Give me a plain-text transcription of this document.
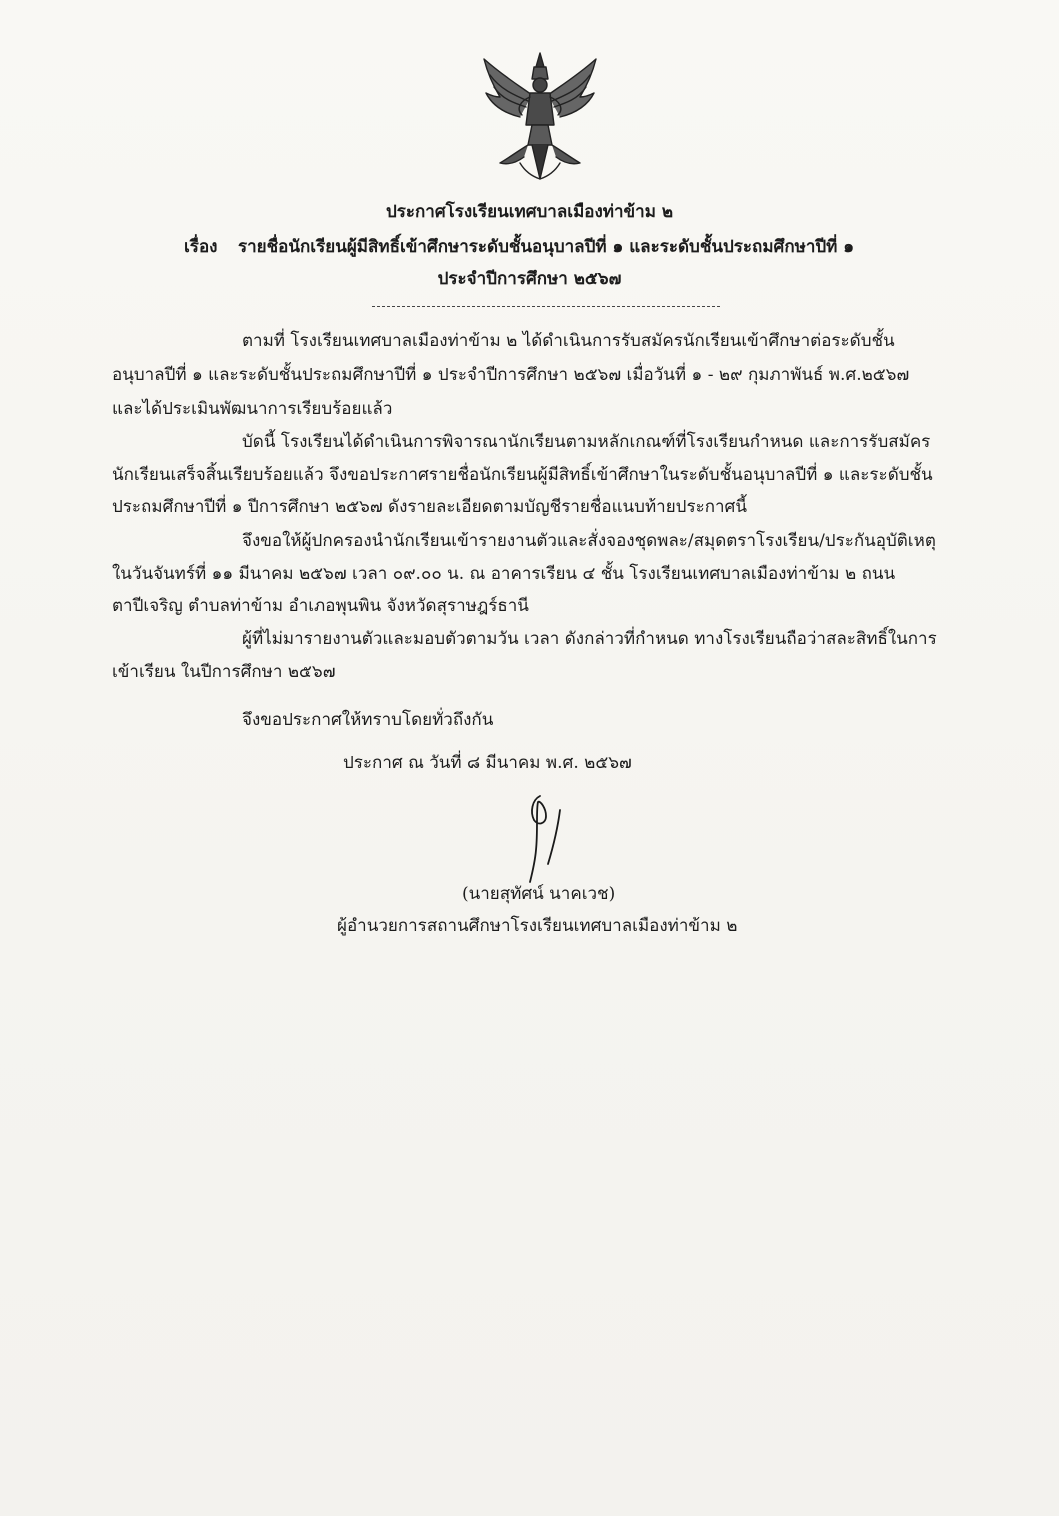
ประกาศโรงเรียนเทศบาลเมืองท่าข้าม ๒
เรื่อง รายชื่อนักเรียนผู้มีสิทธิ์เข้าศึกษาระดับชั้นอนุบาลปีที่ ๑ และระดับชั้นประถมศึกษาปีที่ ๑
ประจำปีการศึกษา ๒๕๖๗
ตามที่ โรงเรียนเทศบาลเมืองท่าข้าม ๒ ได้ดำเนินการรับสมัครนักเรียนเข้าศึกษาต่อระดับชั้น
อนุบาลปีที่ ๑ และระดับชั้นประถมศึกษาปีที่ ๑ ประจำปีการศึกษา ๒๕๖๗ เมื่อวันที่ ๑ - ๒๙ กุมภาพันธ์ พ.ศ.๒๕๖๗
และได้ประเมินพัฒนาการเรียบร้อยแล้ว
บัดนี้ โรงเรียนได้ดำเนินการพิจารณานักเรียนตามหลักเกณฑ์ที่โรงเรียนกำหนด และการรับสมัคร
นักเรียนเสร็จสิ้นเรียบร้อยแล้ว จึงขอประกาศรายชื่อนักเรียนผู้มีสิทธิ์เข้าศึกษาในระดับชั้นอนุบาลปีที่ ๑ และระดับชั้น
ประถมศึกษาปีที่ ๑ ปีการศึกษา ๒๕๖๗ ดังรายละเอียดตามบัญชีรายชื่อแนบท้ายประกาศนี้
จึงขอให้ผู้ปกครองนำนักเรียนเข้ารายงานตัวและสั่งจองชุดพละ/สมุดตราโรงเรียน/ประกันอุบัติเหตุ
ในวันจันทร์ที่ ๑๑ มีนาคม ๒๕๖๗ เวลา ๐๙.๐๐ น. ณ อาคารเรียน ๔ ชั้น โรงเรียนเทศบาลเมืองท่าข้าม ๒ ถนน
ตาปีเจริญ ตำบลท่าข้าม อำเภอพุนพิน จังหวัดสุราษฎร์ธานี
ผู้ที่ไม่มารายงานตัวและมอบตัวตามวัน เวลา ดังกล่าวที่กำหนด ทางโรงเรียนถือว่าสละสิทธิ์ในการ
เข้าเรียน ในปีการศึกษา ๒๕๖๗
จึงขอประกาศให้ทราบโดยทั่วถึงกัน
ประกาศ ณ วันที่ ๘ มีนาคม พ.ศ. ๒๕๖๗
(นายสุทัศน์ นาคเวช)
ผู้อำนวยการสถานศึกษาโรงเรียนเทศบาลเมืองท่าข้าม ๒
